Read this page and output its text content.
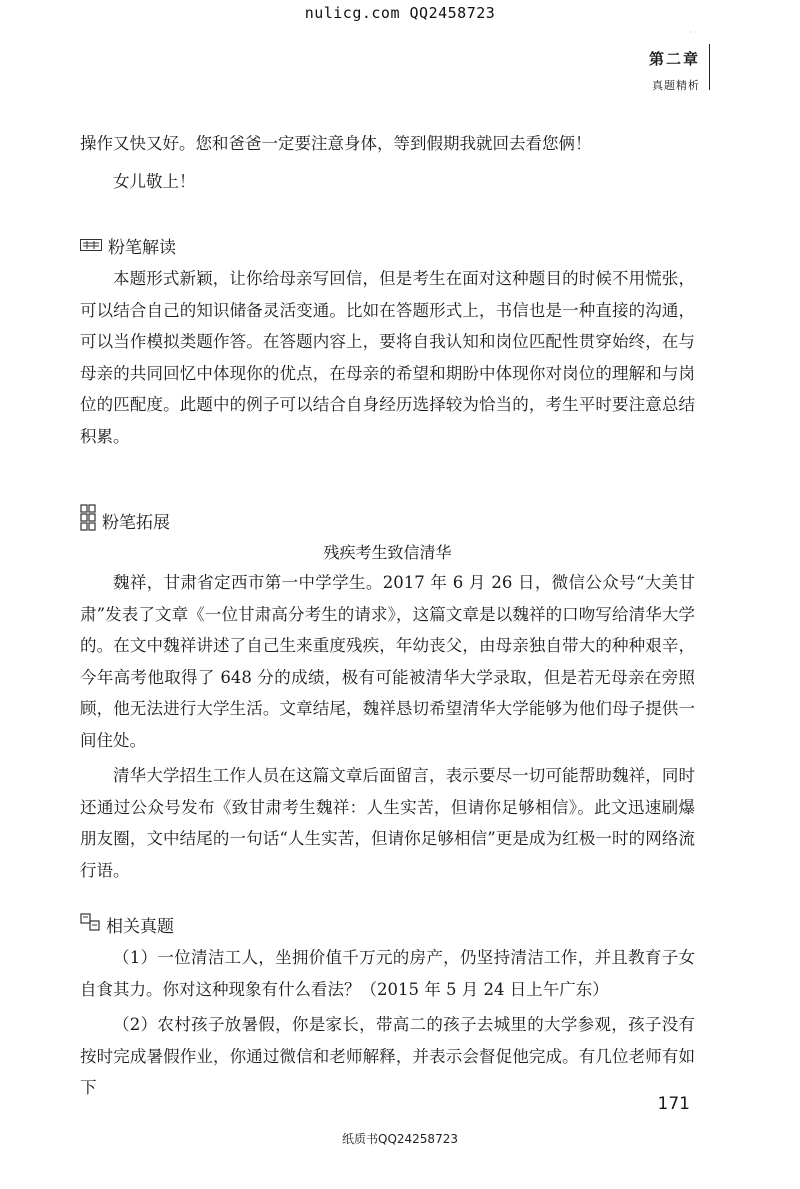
nulicg.com QQ2458723
·
第二章
真题精析

操作又快又好。您和爸爸一定要注意身体，等到假期我就回去看您俩！

女儿敬上！

粉笔解读

本题形式新颖，让你给母亲写回信，但是考生在面对这种题目的时候不用慌张，可以结合自己的知识储备灵活变通。比如在答题形式上，书信也是一种直接的沟通，可以当作模拟类题作答。在答题内容上，要将自我认知和岗位匹配性贯穿始终，在与母亲的共同回忆中体现你的优点，在母亲的希望和期盼中体现你对岗位的理解和与岗位的匹配度。此题中的例子可以结合自身经历选择较为恰当的，考生平时要注意总结积累。

粉笔拓展
残疾考生致信清华

魏祥，甘肃省定西市第一中学学生。2017 年 6 月 26 日，微信公众号“大美甘肃”发表了文章《一位甘肃高分考生的请求》，这篇文章是以魏祥的口吻写给清华大学的。在文中魏祥讲述了自己生来重度残疾，年幼丧父，由母亲独自带大的种种艰辛，今年高考他取得了 648 分的成绩，极有可能被清华大学录取，但是若无母亲在旁照顾，他无法进行大学生活。文章结尾，魏祥恳切希望清华大学能够为他们母子提供一间住处。

清华大学招生工作人员在这篇文章后面留言，表示要尽一切可能帮助魏祥，同时还通过公众号发布《致甘肃考生魏祥：人生实苦，但请你足够相信》。此文迅速刷爆朋友圈，文中结尾的一句话“人生实苦，但请你足够相信”更是成为红极一时的网络流行语。

相关真题

（1）一位清洁工人，坐拥价值千万元的房产，仍坚持清洁工作，并且教育子女自食其力。你对这种现象有什么看法？（2015 年 5 月 24 日上午广东）

（2）农村孩子放暑假，你是家长，带高二的孩子去城里的大学参观，孩子没有按时完成暑假作业，你通过微信和老师解释，并表示会督促他完成。有几位老师有如下

171
纸质书QQ24258723
